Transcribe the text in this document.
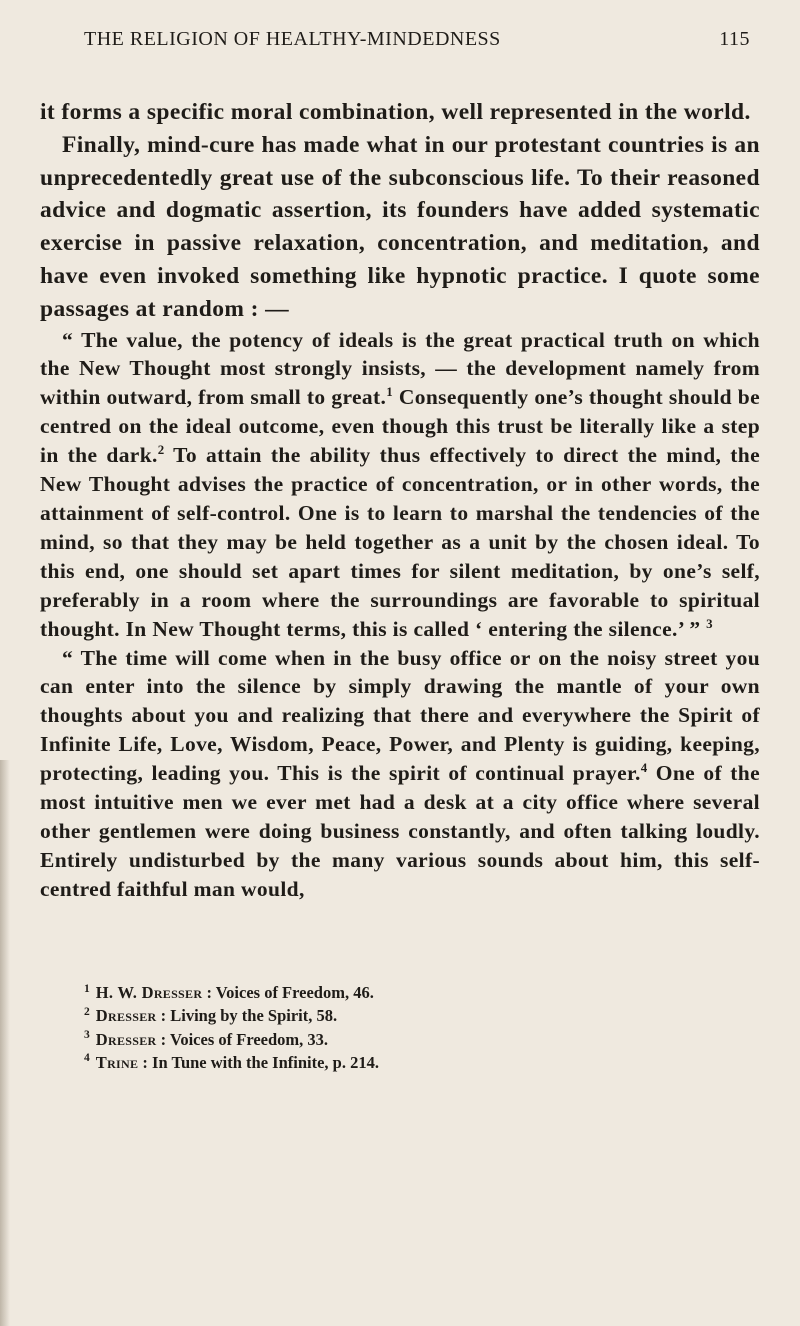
THE RELIGION OF HEALTHY-MINDEDNESS	115

it forms a specific moral combination, well represented in the world.

Finally, mind-cure has made what in our protestant countries is an unprecedentedly great use of the subconscious life. To their reasoned advice and dogmatic assertion, its founders have added systematic exercise in passive relaxation, concentration, and meditation, and have even invoked something like hypnotic practice. I quote some passages at random : —

“ The value, the potency of ideals is the great practical truth on which the New Thought most strongly insists, — the development namely from within outward, from small to great.$^1$ Consequently one’s thought should be centred on the ideal outcome, even though this trust be literally like a step in the dark.$^2$ To attain the ability thus effectively to direct the mind, the New Thought advises the practice of concentration, or in other words, the attainment of self-control. One is to learn to marshal the tendencies of the mind, so that they may be held together as a unit by the chosen ideal. To this end, one should set apart times for silent meditation, by one’s self, preferably in a room where the surroundings are favorable to spiritual thought. In New Thought terms, this is called ‘ entering the silence.’ ” $^3$

“ The time will come when in the busy office or on the noisy street you can enter into the silence by simply drawing the mantle of your own thoughts about you and realizing that there and everywhere the Spirit of Infinite Life, Love, Wisdom, Peace, Power, and Plenty is guiding, keeping, protecting, leading you. This is the spirit of continual prayer.$^4$ One of the most intuitive men we ever met had a desk at a city office where several other gentlemen were doing business constantly, and often talking loudly. Entirely undisturbed by the many various sounds about him, this self-centred faithful man would,

$^1$ H. W. Dresser : Voices of Freedom, 46.

$^2$ Dresser : Living by the Spirit, 58.

$^3$ Dresser : Voices of Freedom, 33.

$^4$ Trine : In Tune with the Infinite, p. 214.
